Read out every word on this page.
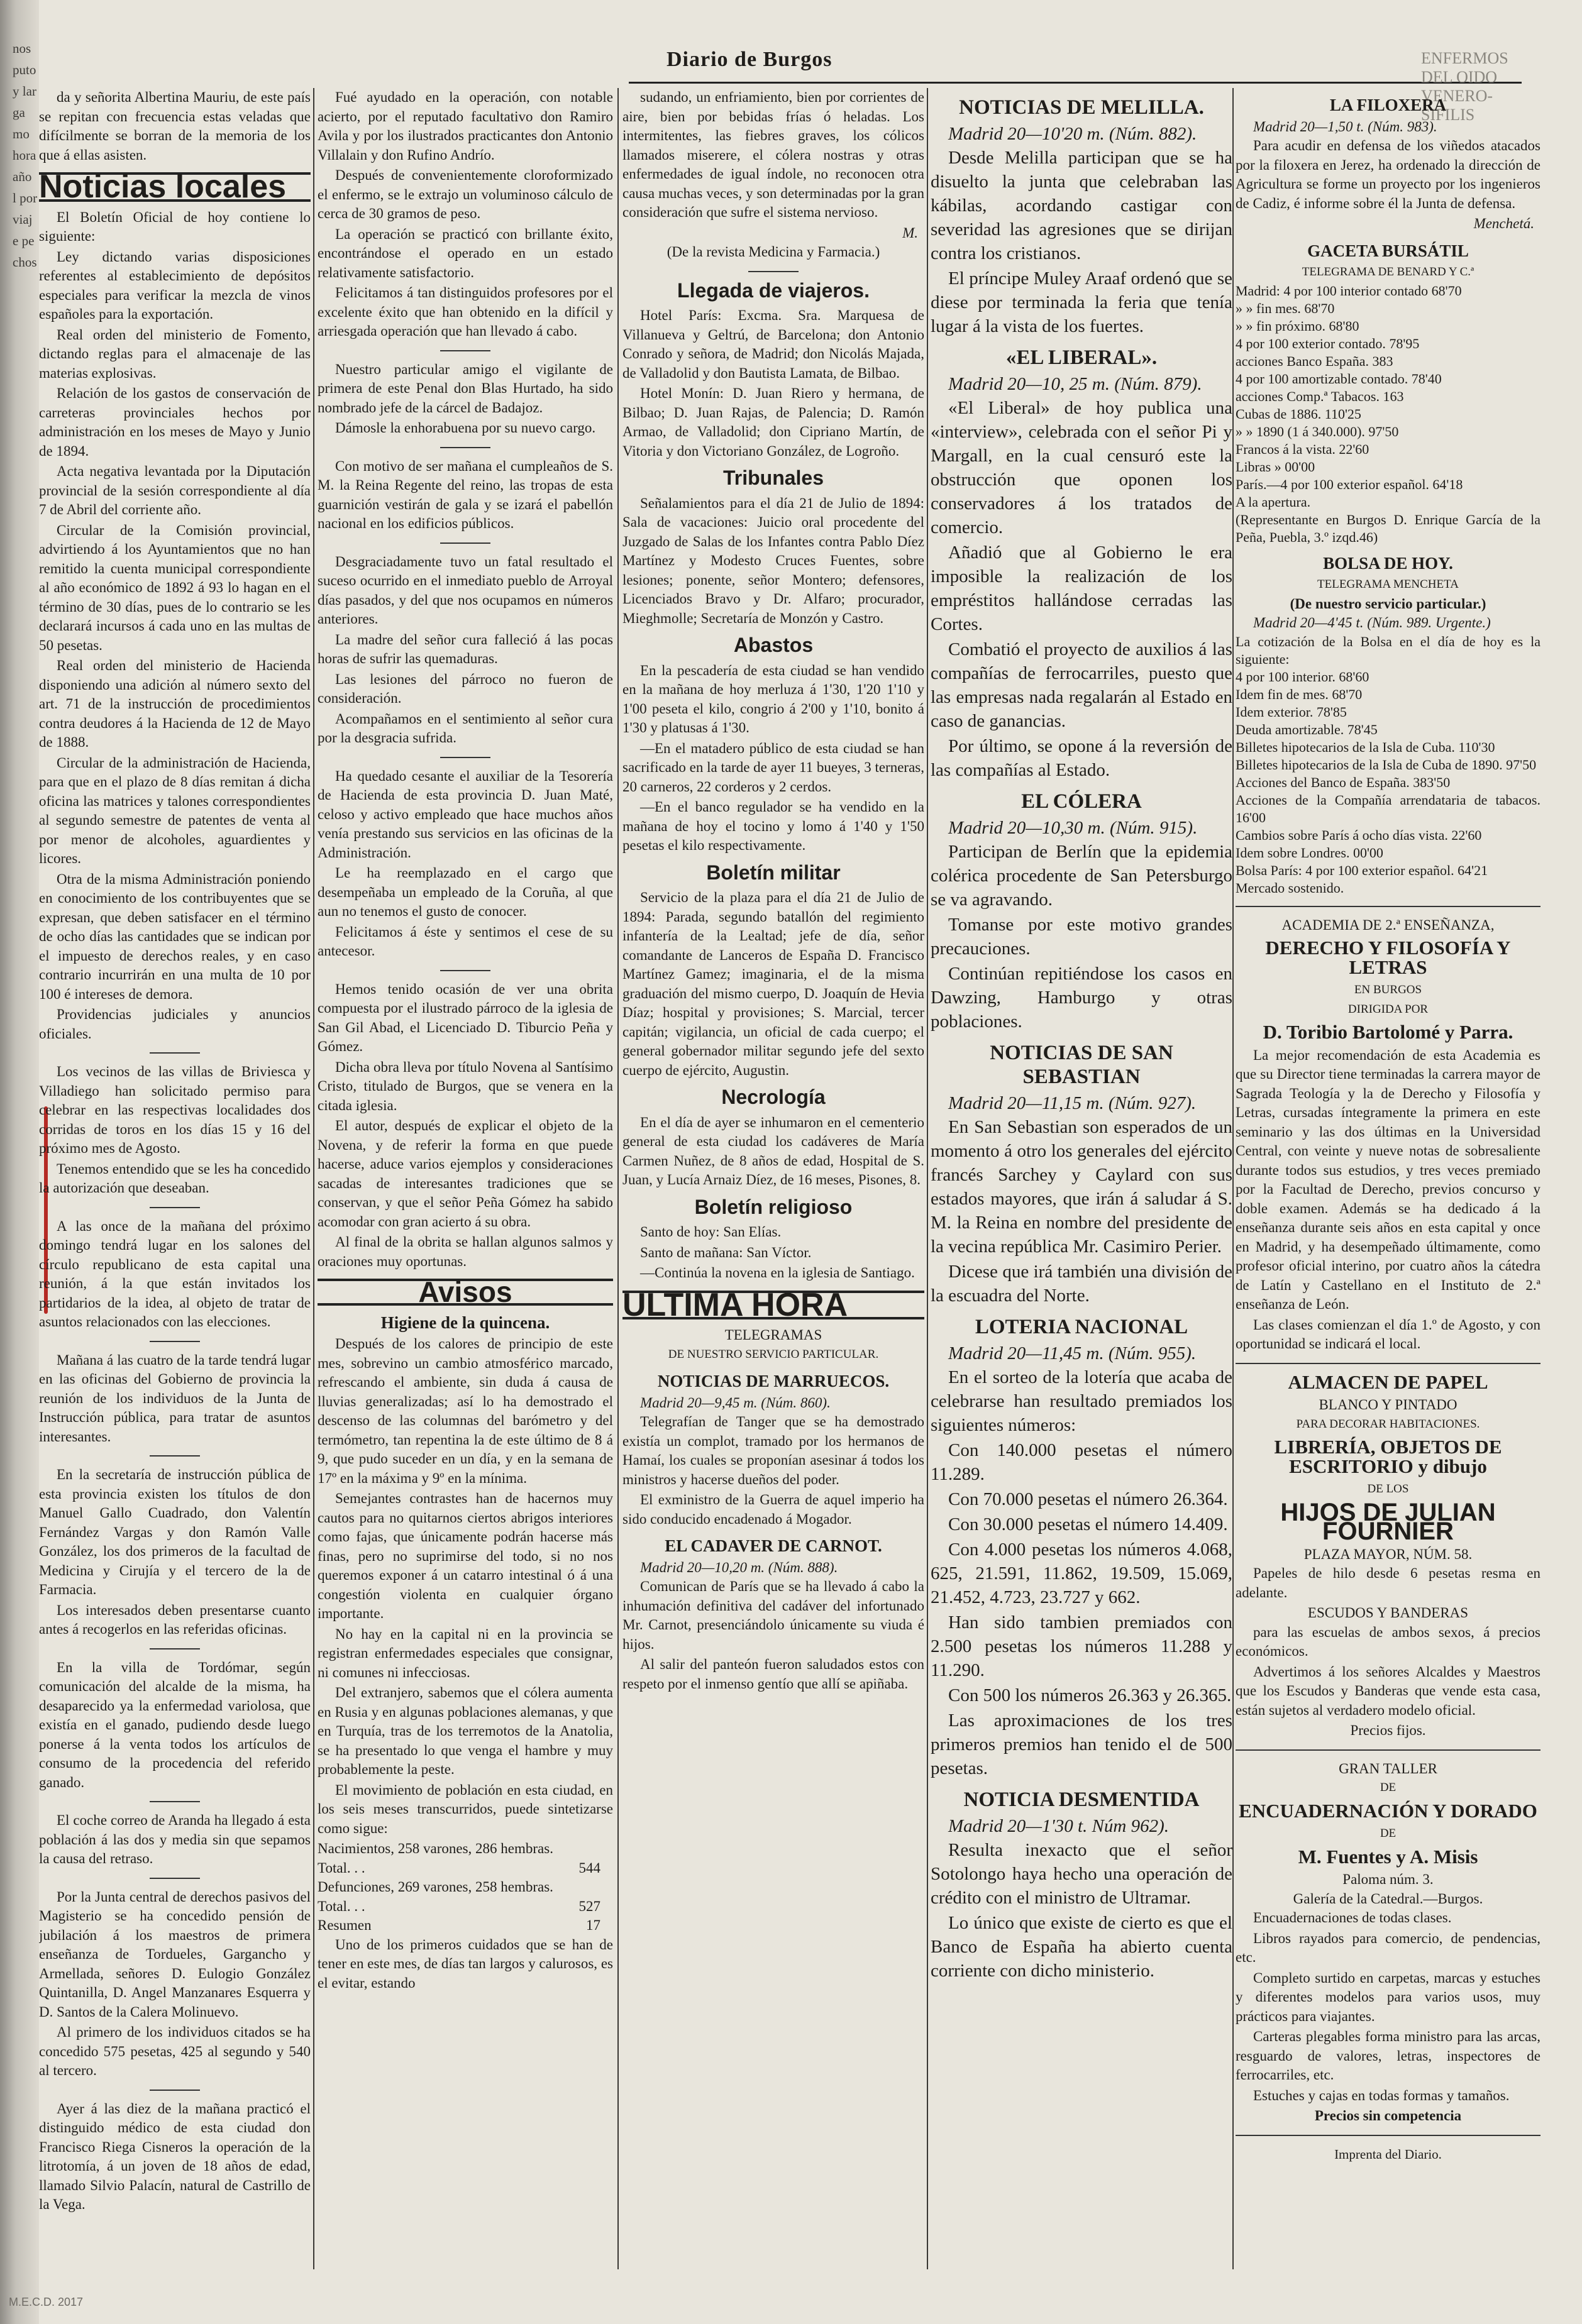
nos puto y larga mo hora año l por viaje pechos
Diario de Burgos	ENFERMOS DEL OIDO VENERO-SIFILIS
da y señorita Albertina Mauriu, de este país se repitan con frecuencia estas veladas que difícilmente se borran de la memoria de los que á ellas asisten.
Noticias locales
El Boletín Oficial de hoy contiene lo siguiente:
Ley dictando varias disposiciones referentes al establecimiento de depósitos especiales para verificar la mezcla de vinos españoles para la exportación.
Real orden del ministerio de Fomento, dictando reglas para el almacenaje de las materias explosivas.
Relación de los gastos de conservación de carreteras provinciales hechos por administración en los meses de Mayo y Junio de 1894.
Acta negativa levantada por la Diputación provincial de la sesión correspondiente al día 7 de Abril del corriente año.
Circular de la Comisión provincial, advirtiendo á los Ayuntamientos que no han remitido la cuenta municipal correspondiente al año económico de 1892 á 93 lo hagan en el término de 30 días, pues de lo contrario se les declarará incursos á cada uno en las multas de 50 pesetas.
Real orden del ministerio de Hacienda disponiendo una adición al número sexto del art. 71 de la instrucción de procedimientos contra deudores á la Hacienda de 12 de Mayo de 1888.
Circular de la administración de Hacienda, para que en el plazo de 8 días remitan á dicha oficina las matrices y talones correspondientes al segundo semestre de patentes de venta al por menor de alcoholes, aguardientes y licores.
Otra de la misma Administración poniendo en conocimiento de los contribuyentes que se expresan, que deben satisfacer en el término de ocho días las cantidades que se indican por el impuesto de derechos reales, y en caso contrario incurrirán en una multa de 10 por 100 é intereses de demora.
Providencias judiciales y anuncios oficiales.
Los vecinos de las villas de Briviesca y Villadiego han solicitado permiso para celebrar en las respectivas localidades dos corridas de toros en los días 15 y 16 del próximo mes de Agosto.
Tenemos entendido que se les ha concedido la autorización que deseaban.
A las once de la mañana del próximo domingo tendrá lugar en los salones del círculo republicano de esta capital una reunión, á la que están invitados los partidarios de la idea, al objeto de tratar de asuntos relacionados con las elecciones.
Mañana á las cuatro de la tarde tendrá lugar en las oficinas del Gobierno de provincia la reunión de los individuos de la Junta de Instrucción pública, para tratar de asuntos interesantes.
En la secretaría de instrucción pública de esta provincia existen los títulos de don Manuel Gallo Cuadrado, don Valentín Fernández Vargas y don Ramón Valle González, los dos primeros de la facultad de Medicina y Cirujía y el tercero de la de Farmacia.
Los interesados deben presentarse cuanto antes á recogerlos en las referidas oficinas.
En la villa de Tordómar, según comunicación del alcalde de la misma, ha desaparecido ya la enfermedad variolosa, que existía en el ganado, pudiendo desde luego ponerse á la venta todos los artículos de consumo de la procedencia del referido ganado.
El coche correo de Aranda ha llegado á esta población á las dos y media sin que sepamos la causa del retraso.
Por la Junta central de derechos pasivos del Magisterio se ha concedido pensión de jubilación á los maestros de primera enseñanza de Tordueles, Gargancho y Armellada, señores D. Eulogio González Quintanilla, D. Angel Manzanares Esquerra y D. Santos de la Calera Molinuevo.
Al primero de los individuos citados se ha concedido 575 pesetas, 425 al segundo y 540 al tercero.
Ayer á las diez de la mañana practicó el distinguido médico de esta ciudad don Francisco Riega Cisneros la operación de la litrotomía, á un joven de 18 años de edad, llamado Silvio Palacín, natural de Castrillo de la Vega.
Fué ayudado en la operación, con notable acierto, por el reputado facultativo don Ramiro Avila y por los ilustrados practicantes don Antonio Villalain y don Rufino Andrío.
Después de convenientemente cloroformizado el enfermo, se le extrajo un voluminoso cálculo de cerca de 30 gramos de peso.
La operación se practicó con brillante éxito, encontrándose el operado en un estado relativamente satisfactorio.
Felicitamos á tan distinguidos profesores por el excelente éxito que han obtenido en la difícil y arriesgada operación que han llevado á cabo.
Nuestro particular amigo el vigilante de primera de este Penal don Blas Hurtado, ha sido nombrado jefe de la cárcel de Badajoz.
Dámosle la enhorabuena por su nuevo cargo.
Con motivo de ser mañana el cumpleaños de S. M. la Reina Regente del reino, las tropas de esta guarnición vestirán de gala y se izará el pabellón nacional en los edificios públicos.
Desgraciadamente tuvo un fatal resultado el suceso ocurrido en el inmediato pueblo de Arroyal días pasados, y del que nos ocupamos en números anteriores.
La madre del señor cura falleció á las pocas horas de sufrir las quemaduras.
Las lesiones del párroco no fueron de consideración.
Acompañamos en el sentimiento al señor cura por la desgracia sufrida.
Ha quedado cesante el auxiliar de la Tesorería de Hacienda de esta provincia D. Juan Maté, celoso y activo empleado que hace muchos años venía prestando sus servicios en las oficinas de la Administración.
Le ha reemplazado en el cargo que desempeñaba un empleado de la Coruña, al que aun no tenemos el gusto de conocer.
Felicitamos á éste y sentimos el cese de su antecesor.
Hemos tenido ocasión de ver una obrita compuesta por el ilustrado párroco de la iglesia de San Gil Abad, el Licenciado D. Tiburcio Peña y Gómez.
Dicha obra lleva por título Novena al Santísimo Cristo, titulado de Burgos, que se venera en la citada iglesia.
El autor, después de explicar el objeto de la Novena, y de referir la forma en que puede hacerse, aduce varios ejemplos y consideraciones sacadas de interesantes tradiciones que se conservan, y que el señor Peña Gómez ha sabido acomodar con gran acierto á su obra.
Al final de la obrita se hallan algunos salmos y oraciones muy oportunas.
Avisos
Higiene de la quincena.
Después de los calores de principio de este mes, sobrevino un cambio atmosférico marcado, refrescando el ambiente, sin duda á causa de lluvias generalizadas; así lo ha demostrado el descenso de las columnas del barómetro y del termómetro, tan repentina la de este último de 8 á 9, que pudo suceder en un día, y en la semana de 17º en la máxima y 9º en la mínima.
Semejantes contrastes han de hacernos muy cautos para no quitarnos ciertos abrigos interiores como fajas, que únicamente podrán hacerse más finas, pero no suprimirse del todo, si no nos queremos exponer á un catarro intestinal ó á una congestión violenta en cualquier órgano importante.
No hay en la capital ni en la provincia se registran enfermedades especiales que consignar, ni comunes ni infecciosas.
Del extranjero, sabemos que el cólera aumenta en Rusia y en algunas poblaciones alemanas, y que en Turquía, tras de los terremotos de la Anatolia, se ha presentado lo que venga el hambre y muy probablemente la peste.
El movimiento de población en esta ciudad, en los seis meses transcurridos, puede sintetizarse como sigue:
Nacimientos, 258 varones, 286 hembras.
Total. . .	544
Defunciones, 269 varones, 258 hembras.
Total. . .	527
Resumen	17
Uno de los primeros cuidados que se han de tener en este mes, de días tan largos y calurosos, es el evitar, estando
sudando, un enfriamiento, bien por corrientes de aire, bien por bebidas frías ó heladas. Los intermitentes, las fiebres graves, los cólicos llamados miserere, el cólera nostras y otras enfermedades de igual índole, no reconocen otra causa muchas veces, y son determinadas por la gran consideración que sufre el sistema nervioso.
M.
(De la revista Medicina y Farmacia.)
Llegada de viajeros.
Hotel París: Excma. Sra. Marquesa de Villanueva y Geltrú, de Barcelona; don Antonio Conrado y señora, de Madrid; don Nicolás Majada, de Valladolid y don Bautista Lamata, de Bilbao.
Hotel Monín: D. Juan Riero y hermana, de Bilbao; D. Juan Rajas, de Palencia; D. Ramón Armao, de Valladolid; don Cipriano Martín, de Vitoria y don Victoriano González, de Logroño.
Tribunales
Señalamientos para el día 21 de Julio de 1894: Sala de vacaciones: Juicio oral procedente del Juzgado de Salas de los Infantes contra Pablo Díez Martínez y Modesto Cruces Fuentes, sobre lesiones; ponente, señor Montero; defensores, Licenciados Bravo y Dr. Alfaro; procurador, Mieghmolle; Secretaría de Monzón y Castro.
Abastos
En la pescadería de esta ciudad se han vendido en la mañana de hoy merluza á 1'30, 1'20 1'10 y 1'00 peseta el kilo, congrio á 2'00 y 1'10, bonito á 1'30 y platusas á 1'30.
—En el matadero público de esta ciudad se han sacrificado en la tarde de ayer 11 bueyes, 3 terneras, 20 carneros, 22 corderos y 2 cerdos.
—En el banco regulador se ha vendido en la mañana de hoy el tocino y lomo á 1'40 y 1'50 pesetas el kilo respectivamente.
Boletín militar
Servicio de la plaza para el día 21 de Julio de 1894: Parada, segundo batallón del regimiento infantería de la Lealtad; jefe de día, señor comandante de Lanceros de España D. Francisco Martínez Gamez; imaginaria, el de la misma graduación del mismo cuerpo, D. Joaquín de Hevia Díaz; hospital y provisiones; S. Marcial, tercer capitán; vigilancia, un oficial de cada cuerpo; el general gobernador militar segundo jefe del sexto cuerpo de ejército, Augustin.
Necrología
En el día de ayer se inhumaron en el cementerio general de esta ciudad los cadáveres de María Carmen Nuñez, de 8 años de edad, Hospital de S. Juan, y Lucía Arnaiz Díez, de 16 meses, Pisones, 8.
Boletín religioso
Santo de hoy: San Elías.
Santo de mañana: San Víctor.
—Continúa la novena en la iglesia de Santiago.
ULTIMA HORA
TELEGRAMAS
DE NUESTRO SERVICIO PARTICULAR.
NOTICIAS DE MARRUECOS.
Madrid 20—9,45 m. (Núm. 860).
Telegrafían de Tanger que se ha demostrado existía un complot, tramado por los hermanos de Hamaí, los cuales se proponían asesinar á todos los ministros y hacerse dueños del poder.
El exministro de la Guerra de aquel imperio ha sido conducido encadenado á Mogador.
EL CADAVER DE CARNOT.
Madrid 20—10,20 m. (Núm. 888).
Comunican de París que se ha llevado á cabo la inhumación definitiva del cadáver del infortunado Mr. Carnot, presenciándolo únicamente su viuda é hijos.
Al salir del panteón fueron saludados estos con respeto por el inmenso gentío que allí se apiñaba.
NOTICIAS DE MELILLA.
Madrid 20—10'20 m. (Núm. 882).
Desde Melilla participan que se ha disuelto la junta que celebraban las kábilas, acordando castigar con severidad las agresiones que se dirijan contra los cristianos.
El príncipe Muley Araaf ordenó que se diese por terminada la feria que tenía lugar á la vista de los fuertes.
«EL LIBERAL».
Madrid 20—10, 25 m. (Núm. 879).
«El Liberal» de hoy publica una «interview», celebrada con el señor Pi y Margall, en la cual censuró este la obstrucción que oponen los conservadores á los tratados de comercio.
Añadió que al Gobierno le era imposible la realización de los empréstitos hallándose cerradas las Cortes.
Combatió el proyecto de auxilios á las compañías de ferrocarriles, puesto que las empresas nada regalarán al Estado en caso de ganancias.
Por último, se opone á la reversión de las compañías al Estado.
EL CÓLERA
Madrid 20—10,30 m. (Núm. 915).
Participan de Berlín que la epidemia colérica procedente de San Petersburgo se va agravando.
Tomanse por este motivo grandes precauciones.
Continúan repitiéndose los casos en Dawzing, Hamburgo y otras poblaciones.
NOTICIAS DE SAN SEBASTIAN
Madrid 20—11,15 m. (Núm. 927).
En San Sebastian son esperados de un momento á otro los generales del ejército francés Sarchey y Caylard con sus estados mayores, que irán á saludar á S. M. la Reina en nombre del presidente de la vecina república Mr. Casimiro Perier.
Dicese que irá también una división de la escuadra del Norte.
LOTERIA NACIONAL
Madrid 20—11,45 m. (Núm. 955).
En el sorteo de la lotería que acaba de celebrarse han resultado premiados los siguientes números:
Con 140.000 pesetas el número 11.289.
Con 70.000 pesetas el número 26.364.
Con 30.000 pesetas el número 14.409.
Con 4.000 pesetas los números 4.068, 625, 21.591, 11.862, 19.509, 15.069, 21.452, 4.723, 23.727 y 662.
Han sido tambien premiados con 2.500 pesetas los números 11.288 y 11.290.
Con 500 los números 26.363 y 26.365.
Las aproximaciones de los tres primeros premios han tenido el de 500 pesetas.
NOTICIA DESMENTIDA
Madrid 20—1'30 t. Núm 962).
Resulta inexacto que el señor Sotolongo haya hecho una operación de crédito con el ministro de Ultramar.
Lo único que existe de cierto es que el Banco de España ha abierto cuenta corriente con dicho ministerio.
LA FILOXERA
Madrid 20—1,50 t. (Núm. 983).
Para acudir en defensa de los viñedos atacados por la filoxera en Jerez, ha ordenado la dirección de Agricultura se forme un proyecto por los ingenieros de Cadiz, é informe sobre él la Junta de defensa.
Menchetá.
GACETA BURSÁTIL
TELEGRAMA DE BENARD Y C.ª
Madrid: 4 por 100 interior contado 68'70
» » fin mes. 68'70
» » fin próximo. 68'80
4 por 100 exterior contado. 78'95
acciones Banco España. 383
4 por 100 amortizable contado. 78'40
acciones Comp.ª Tabacos. 163
Cubas de 1886. 110'25
» » 1890 (1 á 340.000). 97'50
Francos á la vista. 22'60
Libras » 00'00
París.—4 por 100 exterior español. 64'18
A la apertura.
(Representante en Burgos D. Enrique García de la Peña, Puebla, 3.º izqd.46)
BOLSA DE HOY.
TELEGRAMA MENCHETA
(De nuestro servicio particular.)
Madrid 20—4'45 t. (Núm. 989. Urgente.)
La cotización de la Bolsa en el día de hoy es la siguiente:
4 por 100 interior. 68'60
Idem fin de mes. 68'70
Idem exterior. 78'85
Deuda amortizable. 78'45
Billetes hipotecarios de la Isla de Cuba. 110'30
Billetes hipotecarios de la Isla de Cuba de 1890. 97'50
Acciones del Banco de España. 383'50
Acciones de la Compañía arrendataria de tabacos. 16'00
Cambios sobre París á ocho días vista. 22'60
Idem sobre Londres. 00'00
Bolsa París: 4 por 100 exterior español. 64'21
Mercado sostenido.
ACADEMIA DE 2.ª ENSEÑANZA,
DERECHO Y FILOSOFÍA Y LETRAS
EN BURGOS
DIRIGIDA POR
D. Toribio Bartolomé y Parra.
La mejor recomendación de esta Academia es que su Director tiene terminadas la carrera mayor de Sagrada Teología y la de Derecho y Filosofía y Letras, cursadas íntegramente la primera en este seminario y las dos últimas en la Universidad Central, con veinte y nueve notas de sobresaliente durante todos sus estudios, y tres veces premiado por la Facultad de Derecho, previos concurso y doble examen. Además se ha dedicado á la enseñanza durante seis años en esta capital y once en Madrid, y ha desempeñado últimamente, como profesor oficial interino, por cuatro años la cátedra de Latín y Castellano en el Instituto de 2.ª enseñanza de León.
Las clases comienzan el día 1.º de Agosto, y con oportunidad se indicará el local.
ALMACEN DE PAPEL
BLANCO Y PINTADO
PARA DECORAR HABITACIONES.
LIBRERÍA, OBJETOS DE ESCRITORIO y dibujo
DE LOS
HIJOS DE JULIAN FOURNIER
PLAZA MAYOR, NÚM. 58.
Papeles de hilo desde 6 pesetas resma en adelante.
ESCUDOS Y BANDERAS
para las escuelas de ambos sexos, á precios económicos.
Advertimos á los señores Alcaldes y Maestros que los Escudos y Banderas que vende esta casa, están sujetos al verdadero modelo oficial.
Precios fijos.
GRAN TALLER
DE
ENCUADERNACIÓN Y DORADO
DE
M. Fuentes y A. Misis
Paloma núm. 3.
Galería de la Catedral.—Burgos.
Encuadernaciones de todas clases.
Libros rayados para comercio, de pendencias, etc.
Completo surtido en carpetas, marcas y estuches y diferentes modelos para varios usos, muy prácticos para viajantes.
Carteras plegables forma ministro para las arcas, resguardo de valores, letras, inspectores de ferrocarriles, etc.
Estuches y cajas en todas formas y tamaños.
Precios sin competencia
Imprenta del Diario.
M.E.C.D. 2017
